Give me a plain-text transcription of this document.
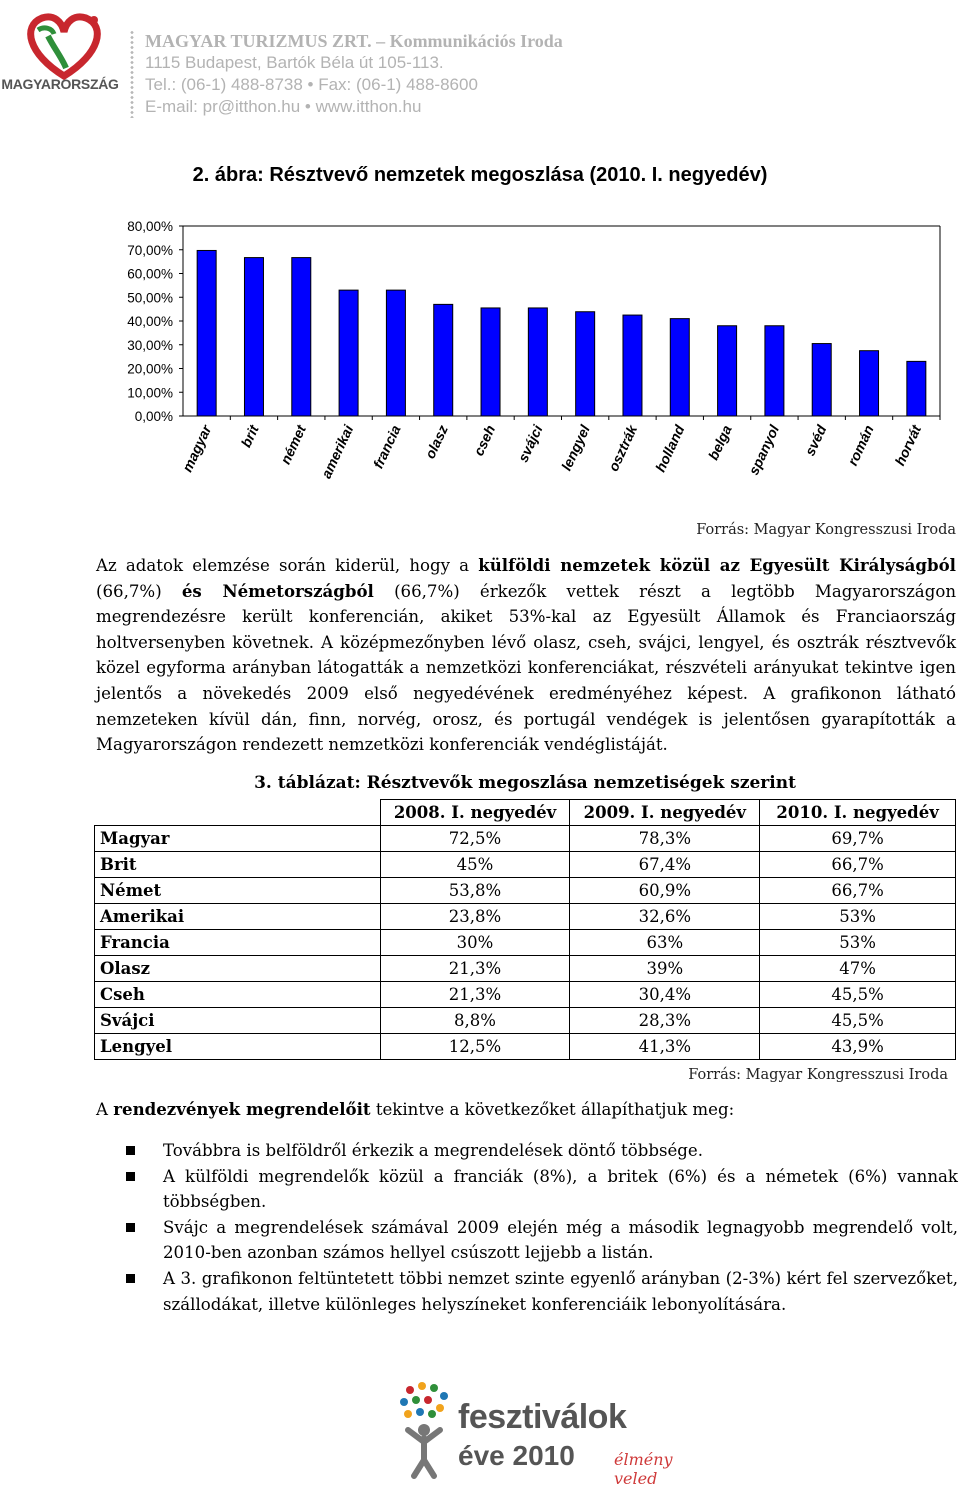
MAGYARORSZÁG
MAGYAR TURIZMUS ZRT. – Kommunikációs Iroda
1115 Budapest, Bartók Béla út 105-113.
Tel.: (06-1) 488-8738 • Fax: (06-1) 488-8600
E-mail: pr@itthon.hu • www.itthon.hu
2. ábra: Résztvevő nemzetek megoszlása (2010. I. negyedév)
0,00%
10,00%
20,00%
30,00%
40,00%
50,00%
60,00%
70,00%
80,00%
magyar brit német amerikai francia olasz cseh svájci lengyel osztrák holland belga spanyol svéd román horvát
Forrás: Magyar Kongresszusi Iroda
Az adatok elemzése során kiderül, hogy a külföldi nemzetek közül az Egyesült Királyságból (66,7%) és Németországból (66,7%) érkezők vettek részt a legtöbb Magyarországon megrendezésre került konferencián, akiket 53%-kal az Egyesült Államok és Franciaország holtversenyben követnek. A középmezőnyben lévő olasz, cseh, svájci, lengyel, és osztrák résztvevők közel egyforma arányban látogatták a nemzetközi konferenciákat, részvételi arányukat tekintve igen jelentős a növekedés 2009 első negyedévének eredményéhez képest. A grafikonon látható nemzeteken kívül dán, finn, norvég, orosz, és portugál vendégek is jelentősen gyarapították a Magyarországon rendezett nemzetközi konferenciák vendéglistáját.
3. táblázat: Résztvevők megoszlása nemzetiségek szerint
	2008. I. negyedév	2009. I. negyedév	2010. I. negyedév
Magyar	72,5%	78,3%	69,7%
Brit	45%	67,4%	66,7%
Német	53,8%	60,9%	66,7%
Amerikai	23,8%	32,6%	53%
Francia	30%	63%	53%
Olasz	21,3%	39%	47%
Cseh	21,3%	30,4%	45,5%
Svájci	8,8%	28,3%	45,5%
Lengyel	12,5%	41,3%	43,9%
Forrás: Magyar Kongresszusi Iroda
A rendezvények megrendelőit tekintve a következőket állapíthatjuk meg:
Továbbra is belföldről érkezik a megrendelések döntő többsége.
A külföldi megrendelők közül a franciák (8%), a britek (6%) és a németek (6%) vannak többségben.
Svájc a megrendelések számával 2009 elején még a második legnagyobb megrendelő volt, 2010-ben azonban számos hellyel csúszott lejjebb a listán.
A 3. grafikonon feltüntetett többi nemzet szinte egyenlő arányban (2-3%) kért fel szervezőket, szállodákat, illetve különleges helyszíneket konferenciáik lebonyolítására.
fesztiválok
éve 2010 élmény veled
